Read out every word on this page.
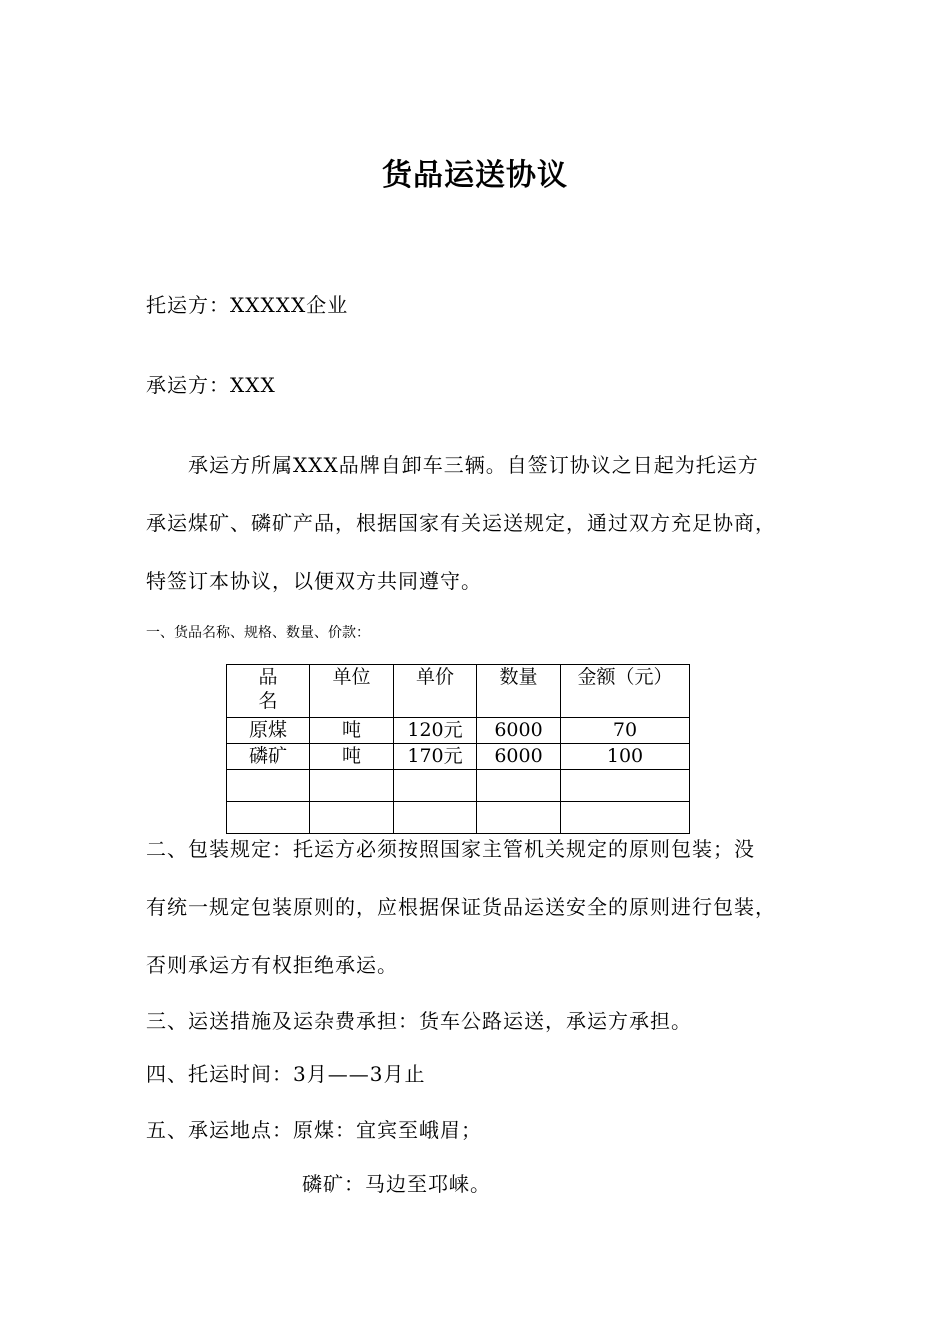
货品运送协议
托运方：XXXXX企业
承运方：XXX
承运方所属XXX品牌自卸车三辆。自签订协议之日起为托运方
承运煤矿、磷矿产品，根据国家有关运送规定，通过双方充足协商，
特签订本协议，以便双方共同遵守。
一、货品名称、规格、数量、价款：
品名	单位	单价	数量	金额（元）
原煤	吨	120元	6000	70
磷矿	吨	170元	6000	100

二、包装规定：托运方必须按照国家主管机关规定的原则包装；没
有统一规定包装原则的，应根据保证货品运送安全的原则进行包装，
否则承运方有权拒绝承运。
三、运送措施及运杂费承担：货车公路运送，承运方承担。
四、托运时间：3月——3月止
五、承运地点：原煤：宜宾至峨眉；
磷矿：马边至邛崃。
